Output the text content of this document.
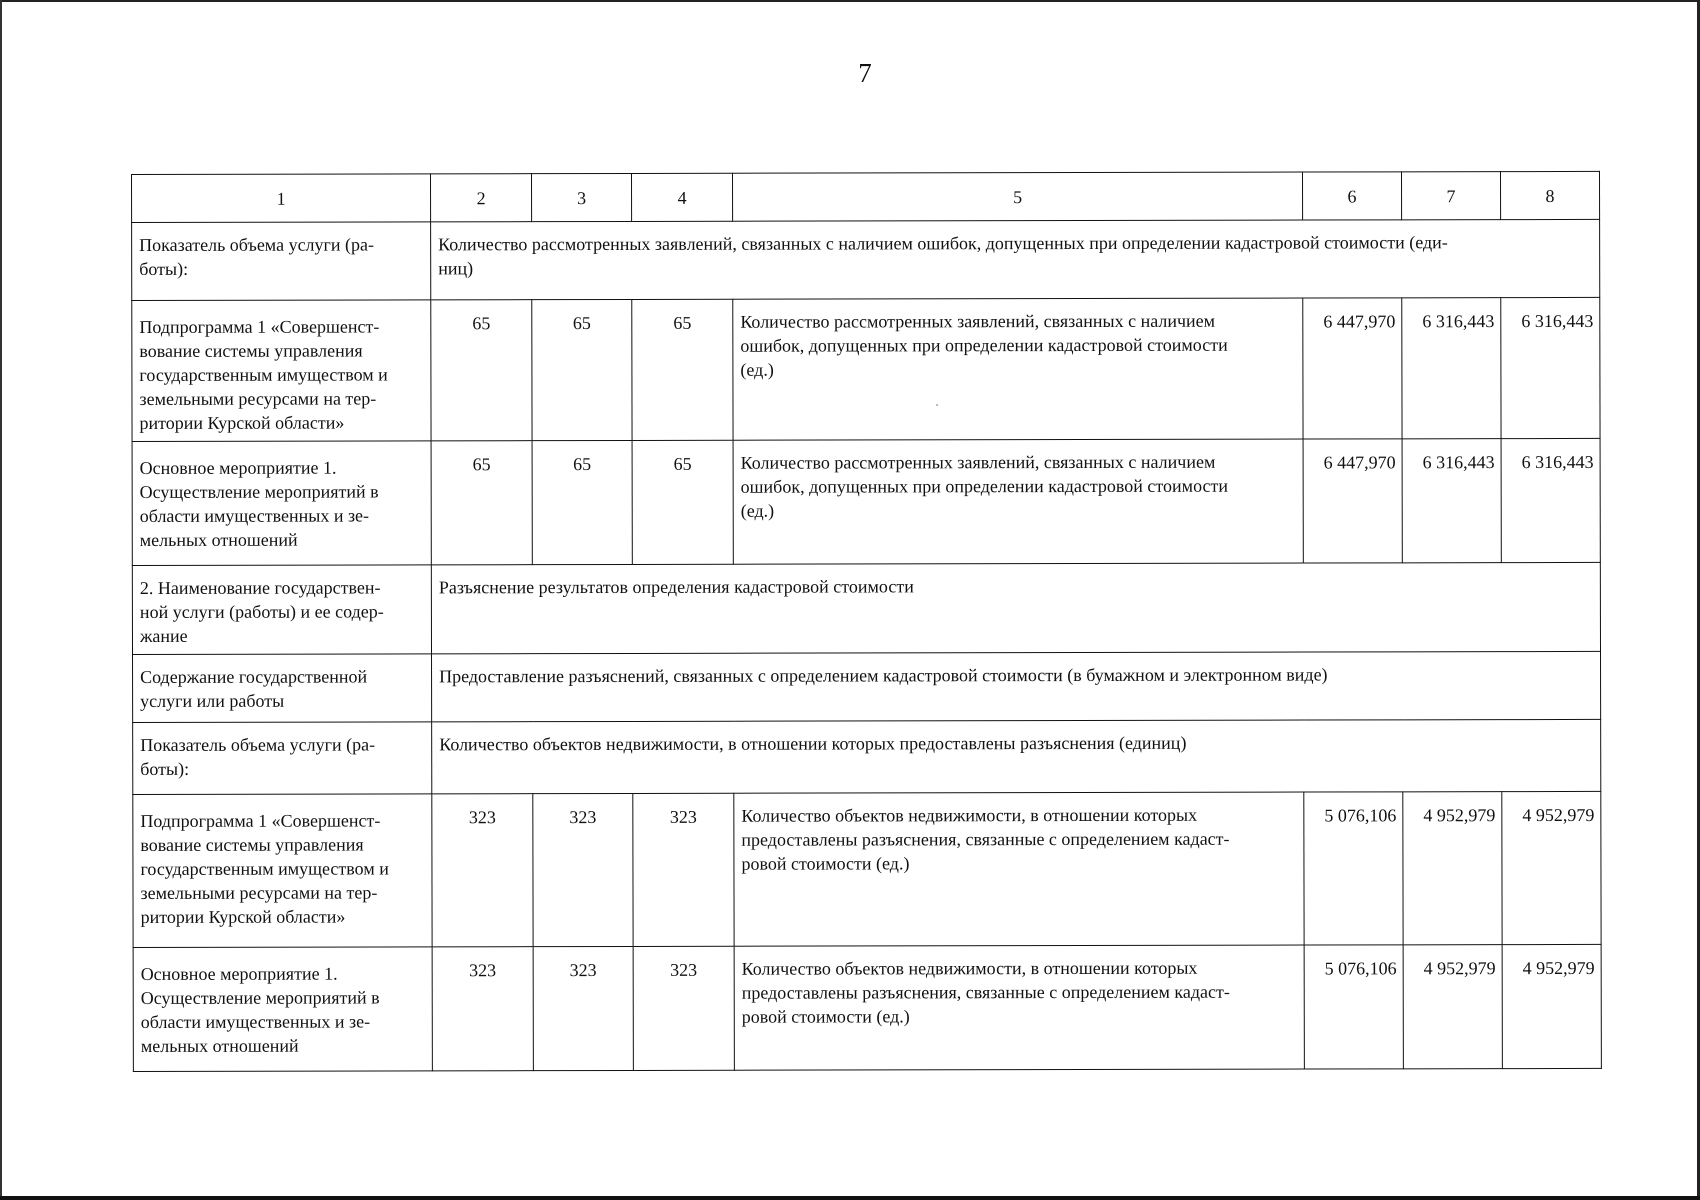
7
1	2	3	4	5	6	7	8
Показатель объема услуги (ра-
боты):	Количество рассмотренных заявлений, связанных с наличием ошибок, допущенных при определении кадастровой стоимости (еди-
ниц)						
Подпрограмма 1 «Совершенст-
вование системы управления
государственным имуществом и
земельными ресурсами на тер-
ритории Курской области»	65	65	65	Количество рассмотренных заявлений, связанных с наличием
ошибок, допущенных при определении кадастровой стоимости
(ед.)	6 447,970	6 316,443	6 316,443
Основное мероприятие 1.
Осуществление мероприятий в
области имущественных и зе-
мельных отношений	65	65	65	Количество рассмотренных заявлений, связанных с наличием
ошибок, допущенных при определении кадастровой стоимости
(ед.)	6 447,970	6 316,443	6 316,443
2. Наименование государствен-
ной услуги (работы) и ее содер-
жание	Разъяснение результатов определения кадастровой стоимости						
Содержание государственной
услуги или работы	Предоставление разъяснений, связанных с определением кадастровой стоимости (в бумажном и электронном виде)						
Показатель объема услуги (ра-
боты):	Количество объектов недвижимости, в отношении которых предоставлены разъяснения (единиц)						
Подпрограмма 1 «Совершенст-
вование системы управления
государственным имуществом и
земельными ресурсами на тер-
ритории Курской области»	323	323	323	Количество объектов недвижимости, в отношении которых
предоставлены разъяснения, связанные с определением кадаст-
ровой стоимости (ед.)	5 076,106	4 952,979	4 952,979
Основное мероприятие 1.
Осуществление мероприятий в
области имущественных и зе-
мельных отношений	323	323	323	Количество объектов недвижимости, в отношении которых
предоставлены разъяснения, связанные с определением кадаст-
ровой стоимости (ед.)	5 076,106	4 952,979	4 952,979
